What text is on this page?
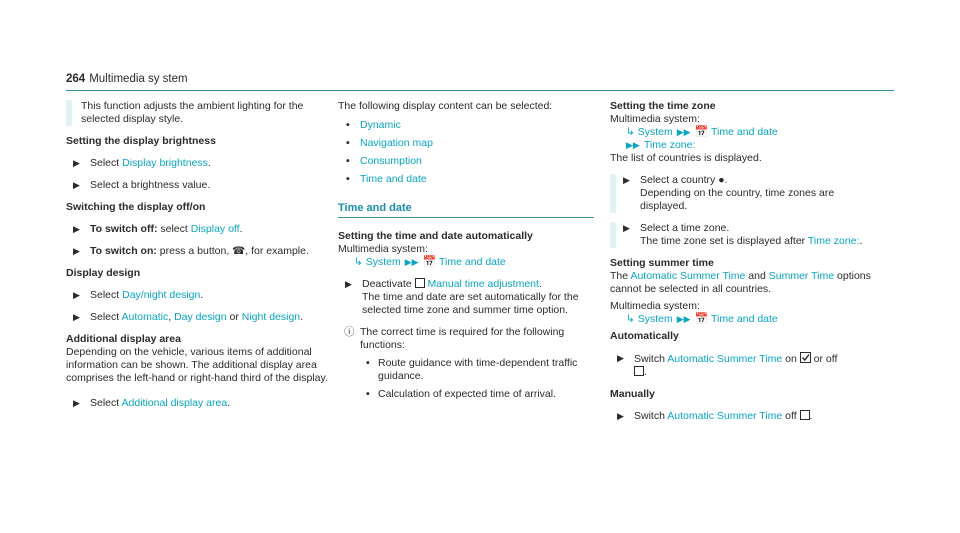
264 Multimedia sy stem

This function adjusts the ambient lighting for the selected display style.

Setting the display brightness

▶ Select Display brightness.
▶ Select a brightness value.

Switching the display off/on

▶ To switch off: select Display off.
▶ To switch on: press a button, ☎, for example.

Display design

▶ Select Day/night design.
▶ Select Automatic, Day design or Night design.

Additional display area

Depending on the vehicle, various items of additional information can be shown. The additional display area comprises the left-hand or right-hand third of the display.

▶ Select Additional display area.

The following display content can be selected:

• Dynamic
• Navigation map
• Consumption
• Time and date
Time and date

Setting the time and date automatically

Multimedia system:

↳ System ▶▶ 📅 Time and date

▶ Deactivate  Manual time adjustment.
The time and date are set automatically for the selected time zone and summer time option.
ⓘ The correct time is required for the following functions:
• Route guidance with time-dependent traffic guidance.
• Calculation of expected time of arrival.

Setting the time zone

Multimedia system:

↳ System ▶▶ 📅 Time and date

▶▶ Time zone:

The list of countries is displayed.

▶ Select a country ●.
Depending on the country, time zones are displayed.
▶ Select a time zone.
The time zone set is displayed after Time zone:.

Setting summer time

The Automatic Summer Time and Summer Time options cannot be selected in all countries.

Multimedia system:

↳ System ▶▶ 📅 Time and date

Automatically

▶ Switch Automatic Summer Time on
or off
.

Manually

▶ Switch Automatic Summer Time off .
